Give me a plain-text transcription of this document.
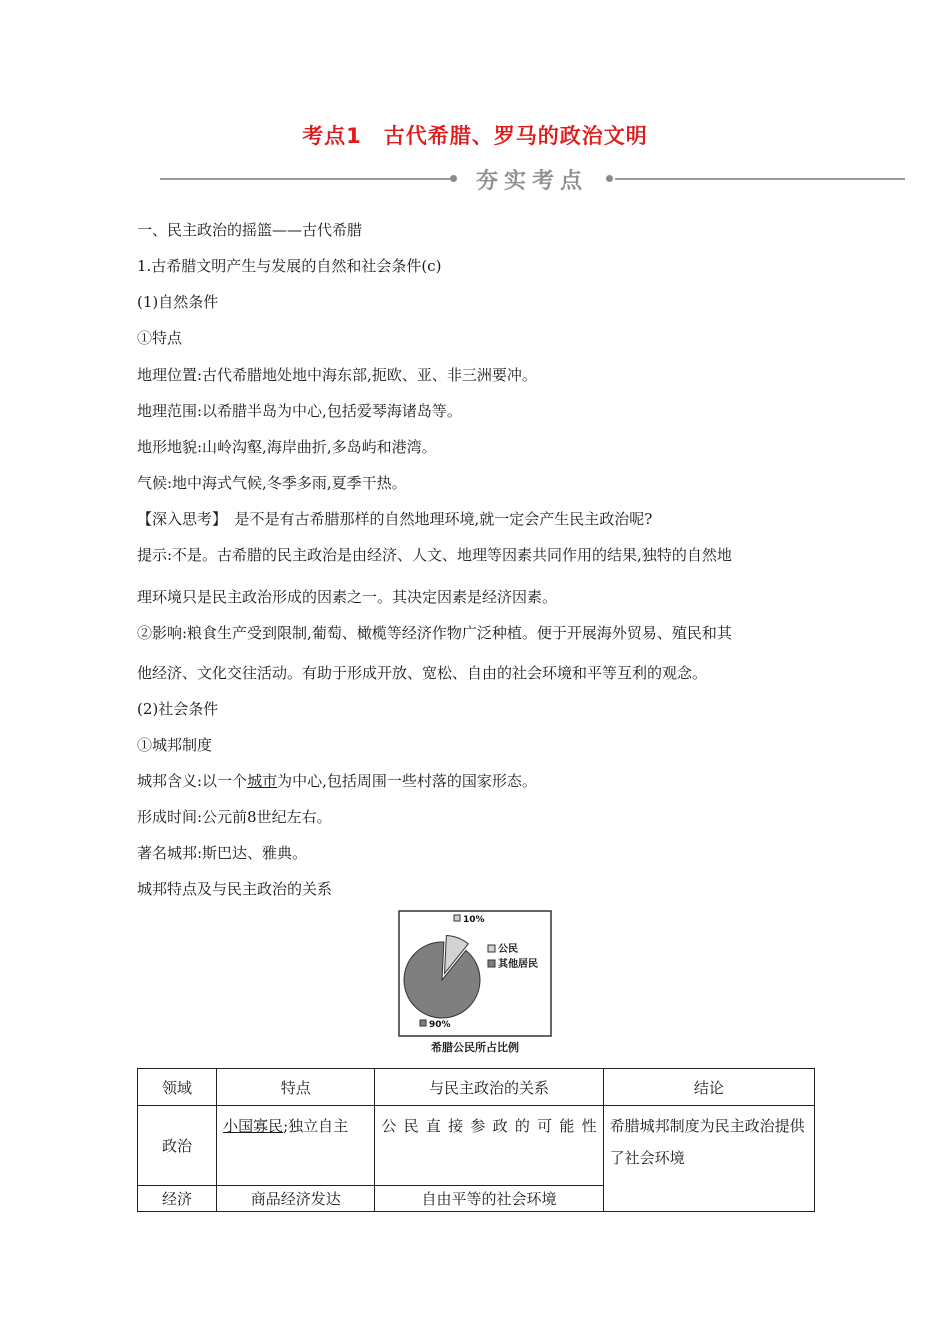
考点1　古代希腊、罗马的政治文明
夯实考点
一、民主政治的摇篮——古代希腊
1.古希腊文明产生与发展的自然和社会条件(c)
(1)自然条件
①特点
地理位置:古代希腊地处地中海东部,扼欧、亚、非三洲要冲。
地理范围:以希腊半岛为中心,包括爱琴海诸岛等。
地形地貌:山岭沟壑,海岸曲折,多岛屿和港湾。
气候:地中海式气候,冬季多雨,夏季干热。
【深入思考】　是不是有古希腊那样的自然地理环境,就一定会产生民主政治呢?
提示:不是。古希腊的民主政治是由经济、人文、地理等因素共同作用的结果,独特的自然地
理环境只是民主政治形成的因素之一。其决定因素是经济因素。
②影响:粮食生产受到限制,葡萄、橄榄等经济作物广泛种植。便于开展海外贸易、殖民和其
他经济、文化交往活动。有助于形成开放、宽松、自由的社会环境和平等互利的观念。
(2)社会条件
①城邦制度
城邦含义:以一个城市为中心,包括周围一些村落的国家形态。
形成时间:公元前8世纪左右。
著名城邦:斯巴达、雅典。
城邦特点及与民主政治的关系
公民
其他居民
10%
90%
希腊公民所占比例
领域	特点	与民主政治的关系	结论
政治	小国寡民;独立自主	公民直接参政的可能性	希腊城邦制度为民主政治提供了社会环境
经济	商品经济发达	自由平等的社会环境	
